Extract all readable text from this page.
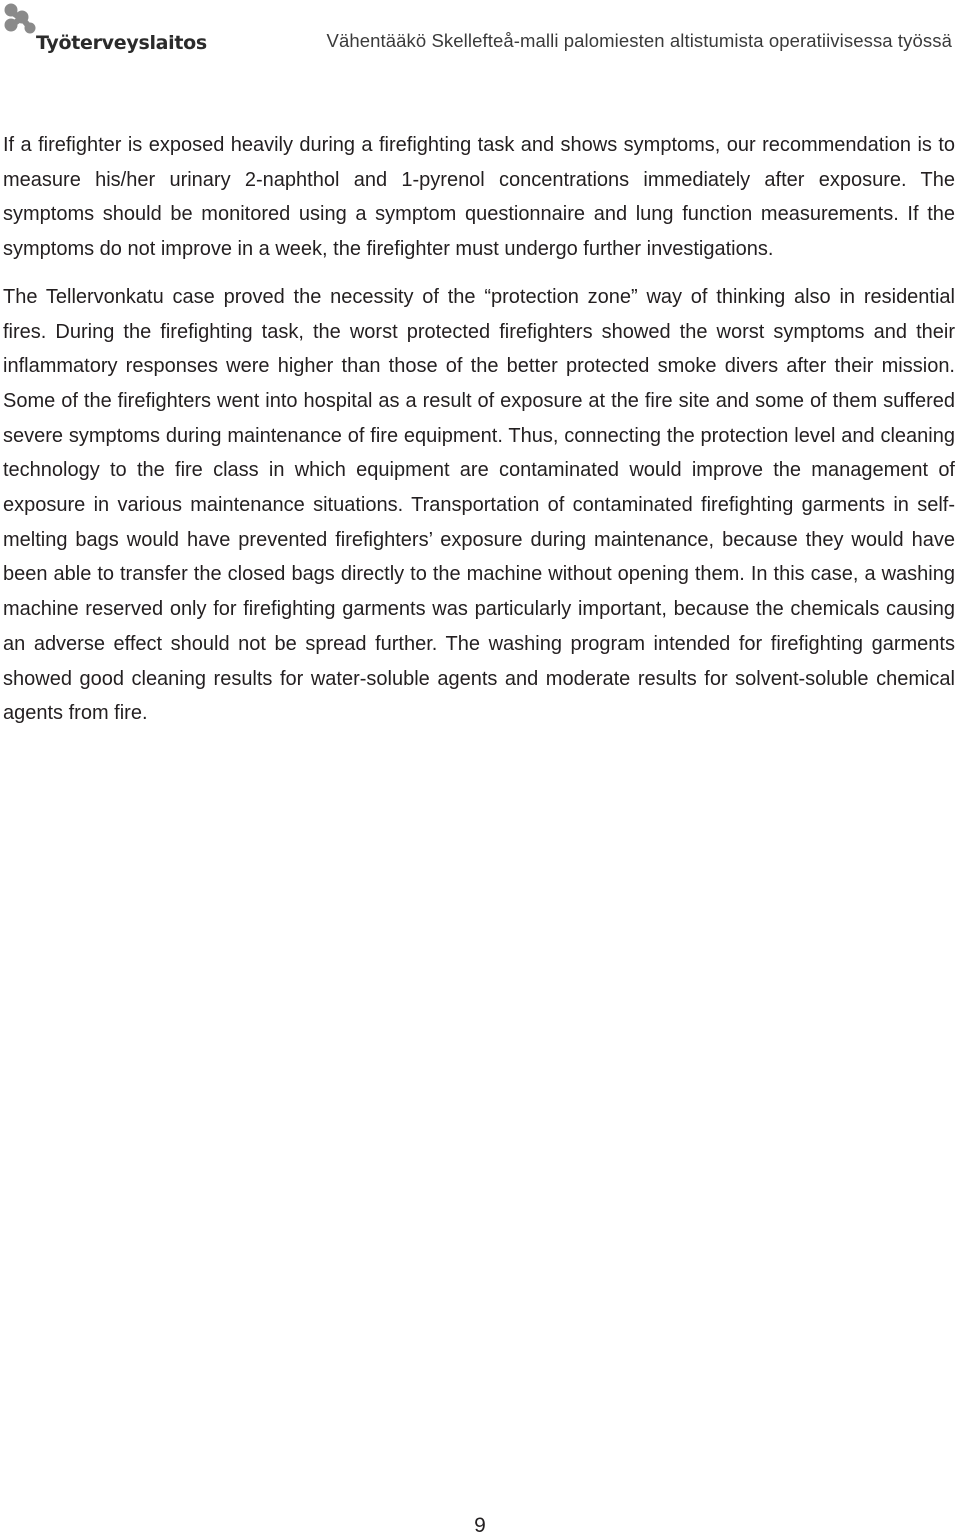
Työterveyslaitos	Vähentääkö Skellefteå-malli palomiesten altistumista operatiivisessa työssä

If a firefighter is exposed heavily during a firefighting task and shows symptoms, our recommendation is to measure his/her urinary 2-naphthol and 1-pyrenol concentrations immediately after exposure. The symptoms should be monitored using a symptom questionnaire and lung function measurements. If the symptoms do not improve in a week, the firefighter must undergo further investigations.

The Tellervonkatu case proved the necessity of the “protection zone” way of thinking also in residential fires. During the firefighting task, the worst protected firefighters showed the worst symptoms and their inflammatory responses were higher than those of the better protected smoke divers after their mission. Some of the firefighters went into hospital as a result of exposure at the fire site and some of them suffered severe symptoms during maintenance of fire equipment. Thus, connecting the protection level and cleaning technology to the fire class in which equipment are contaminated would improve the management of exposure in various maintenance situations. Transportation of contaminated firefighting garments in self-melting bags would have prevented firefighters’ exposure during maintenance, because they would have been able to transfer the closed bags directly to the machine without opening them. In this case, a washing machine reserved only for firefighting garments was particularly important, because the chemicals causing an adverse effect should not be spread further. The washing program intended for firefighting garments showed good cleaning results for water-soluble agents and moderate results for solvent-soluble chemical agents from fire.

9
